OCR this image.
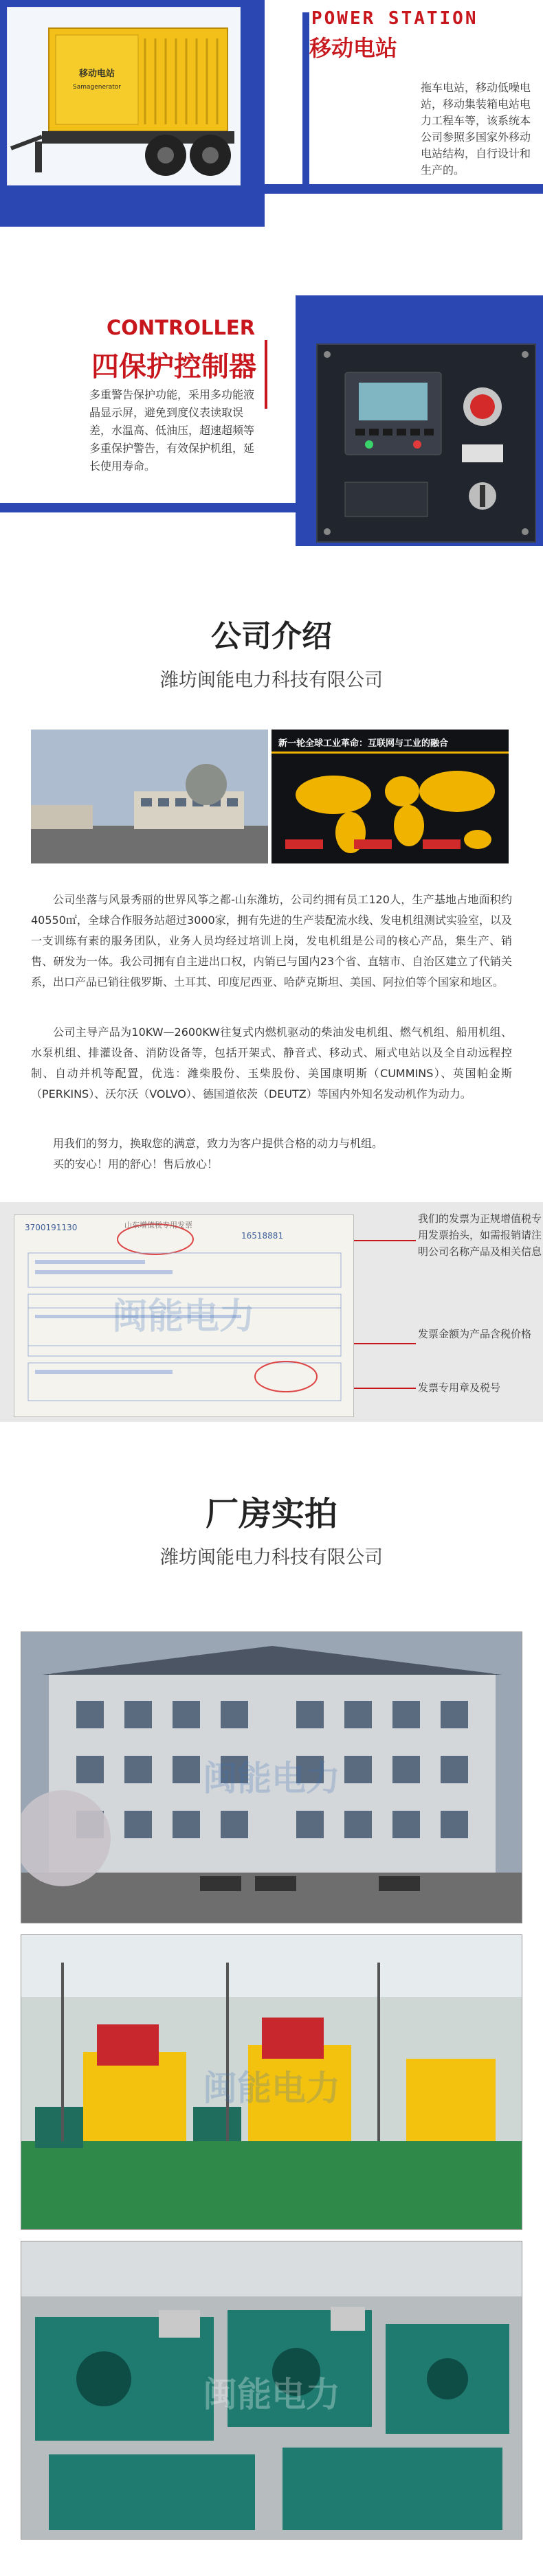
移动电站
Samagenerator
POWER STATION
移动电站
拖车电站，移动低噪电站，移动集装箱电站电力工程车等，该系统本公司参照多国家外移动电站结构，自行设计和生产的。
CONTROLLER
四保护控制器
多重警告保护功能，采用多功能液晶显示屏，避免到度仪表读取误差，水温高、低油压，超速超频等多重保护警告，有效保护机组，延长使用寿命。
公司介绍
潍坊闽能电力科技有限公司
新一轮全球工业革命：互联网与工业的融合
公司坐落与风景秀丽的世界风筝之都-山东潍坊，公司约拥有员工120人，生产基地占地面积约40550㎡，全球合作服务站超过3000家，拥有先进的生产装配流水线、发电机组测试实验室，以及一支训练有素的服务团队，业务人员均经过培训上岗，发电机组是公司的核心产品，集生产、销售、研发为一体。我公司拥有自主进出口权，内销已与国内23个省、直辖市、自治区建立了代销关系，出口产品已销往俄罗斯、土耳其、印度尼西亚、哈萨克斯坦、美国、阿拉伯等个国家和地区。
公司主导产品为10KW—2600KW往复式内燃机驱动的柴油发电机组、燃气机组、船用机组、水泵机组、排灌设备、消防设备等，包括开架式、静音式、移动式、厢式电站以及全自动远程控制、自动并机等配置，优选：潍柴股份、玉柴股份、美国康明斯（CUMMINS）、英国帕金斯（PERKINS）、沃尔沃（VOLVO）、德国道依茨（DEUTZ）等国内外知名发动机作为动力。
用我们的努力，换取您的满意，致力为客户提供合格的动力与机组。
买的安心！用的舒心！售后放心！
3700191130
16518881
山东增值税专用发票
闽能电力
我们的发票为正规增值税专用发票抬头，如需报销请注明公司名称产品及相关信息
发票金额为产品含税价格
发票专用章及税号
厂房实拍
潍坊闽能电力科技有限公司
闽能电力
闽能电力
闽能电力
